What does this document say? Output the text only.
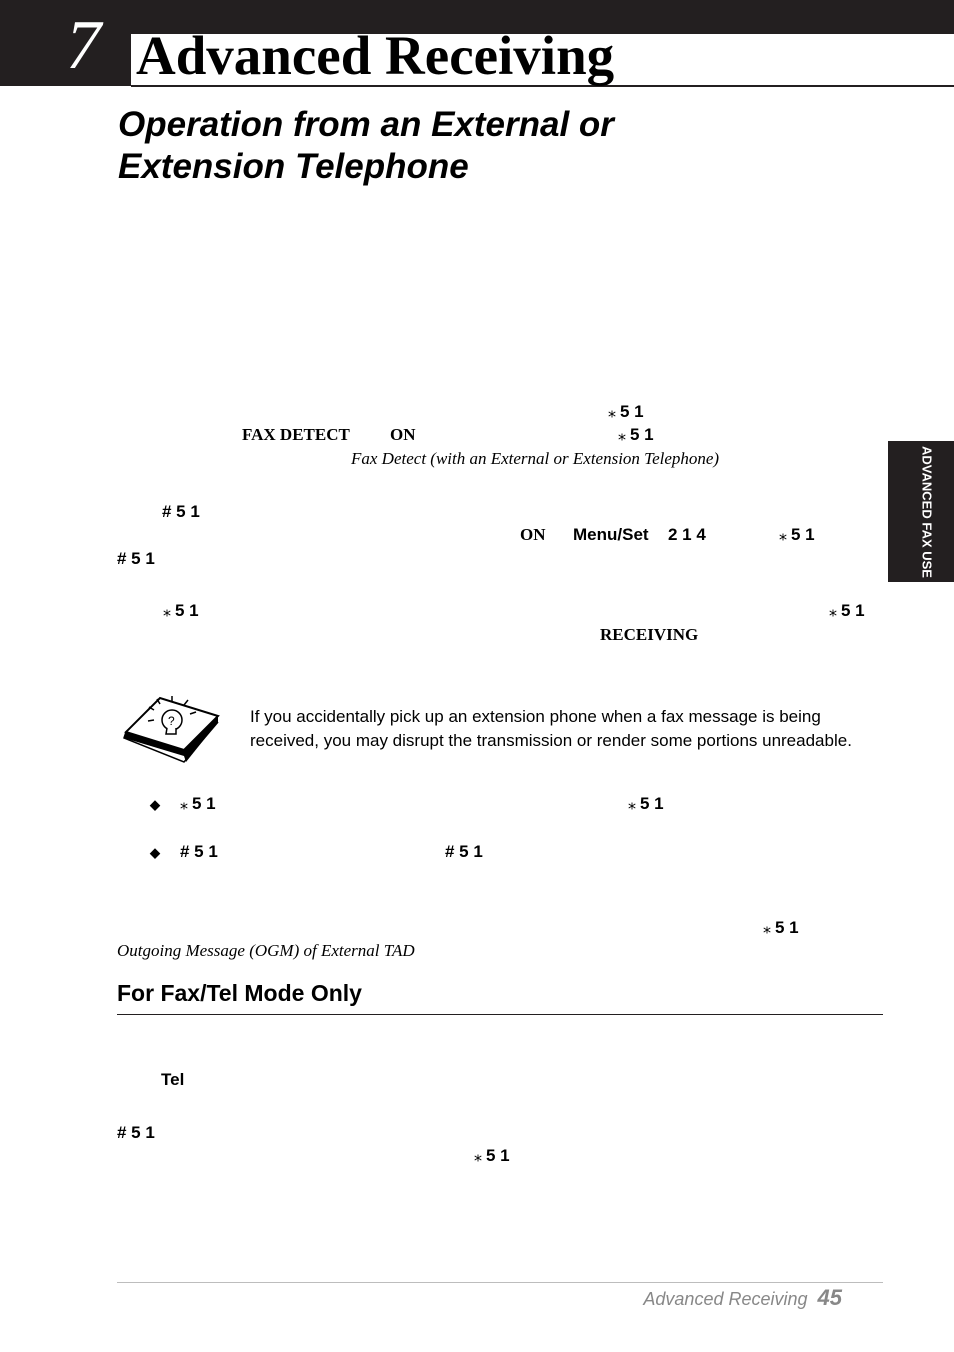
7 Advanced Receiving
Operation from an External or
Extension Telephone
⁎ 5 1
FAX DETECT ON	⁎ 5 1
Fax Detect (with an External or Extension Telephone)
# 5 1
ON Menu/Set 2 1 4	⁎ 5 1
# 5 1
⁎ 5 1	⁎ 5 1
RECEIVING
?	If you accidentally pick up an extension phone when a fax message is being received, you may disrupt the transmission or render some portions unreadable.
◆ ⁎ 5 1	⁎ 5 1
◆ # 5 1	# 5 1
⁎ 5 1
Outgoing Message (OGM) of External TAD
For Fax/Tel Mode Only
Tel
# 5 1
⁎ 5 1
ADVANCED FAX USE
Advanced Receiving 45
